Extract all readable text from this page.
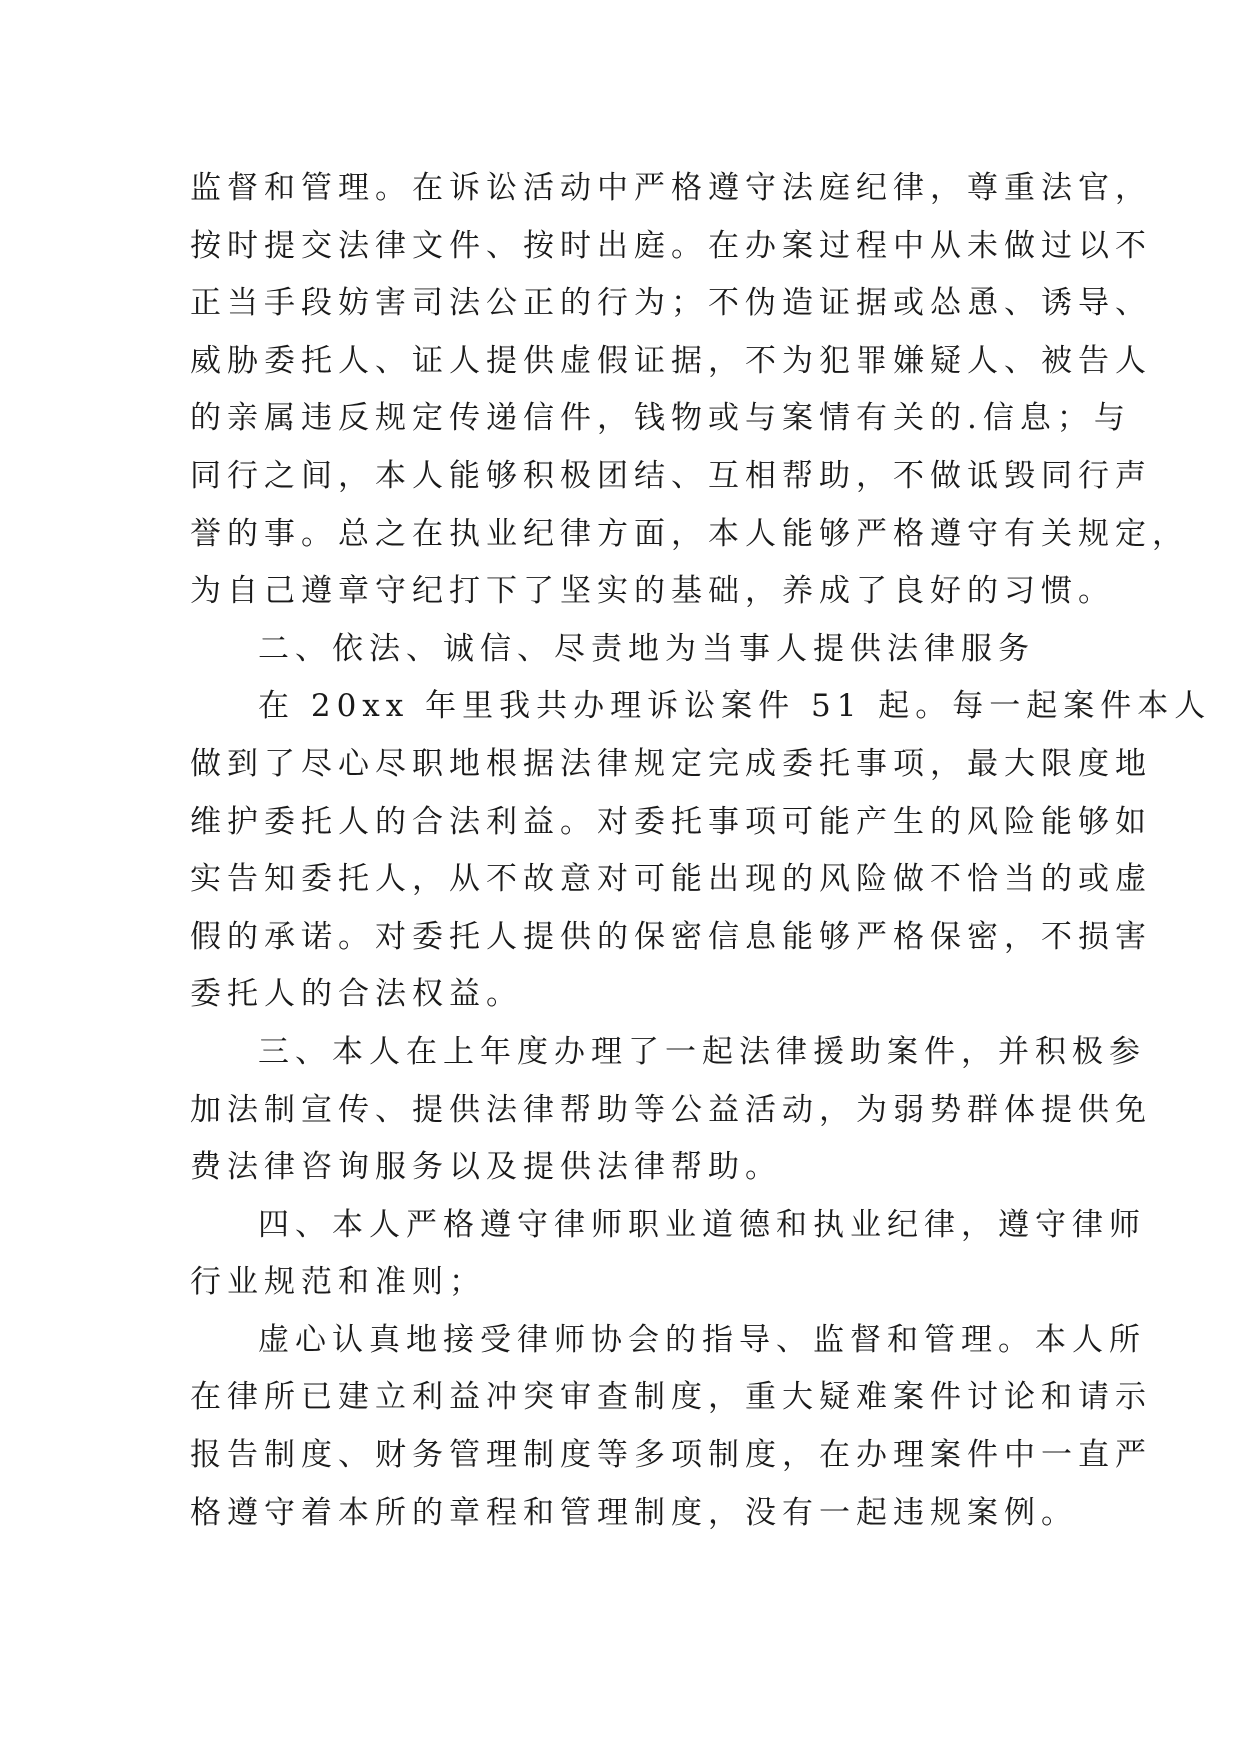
监督和管理。在诉讼活动中严格遵守法庭纪律，尊重法官，
按时提交法律文件、按时出庭。在办案过程中从未做过以不
正当手段妨害司法公正的行为；不伪造证据或怂恿、诱导、
威胁委托人、证人提供虚假证据，不为犯罪嫌疑人、被告人
的亲属违反规定传递信件，钱物或与案情有关的.信息；与
同行之间，本人能够积极团结、互相帮助，不做诋毁同行声
誉的事。总之在执业纪律方面，本人能够严格遵守有关规定，
为自己遵章守纪打下了坚实的基础，养成了良好的习惯。
二、依法、诚信、尽责地为当事人提供法律服务
在 20xx 年里我共办理诉讼案件 51 起。每一起案件本人
做到了尽心尽职地根据法律规定完成委托事项，最大限度地
维护委托人的合法利益。对委托事项可能产生的风险能够如
实告知委托人，从不故意对可能出现的风险做不恰当的或虚
假的承诺。对委托人提供的保密信息能够严格保密，不损害
委托人的合法权益。
三、本人在上年度办理了一起法律援助案件，并积极参
加法制宣传、提供法律帮助等公益活动，为弱势群体提供免
费法律咨询服务以及提供法律帮助。
四、本人严格遵守律师职业道德和执业纪律，遵守律师
行业规范和准则；
虚心认真地接受律师协会的指导、监督和管理。本人所
在律所已建立利益冲突审查制度，重大疑难案件讨论和请示
报告制度、财务管理制度等多项制度，在办理案件中一直严
格遵守着本所的章程和管理制度，没有一起违规案例。
